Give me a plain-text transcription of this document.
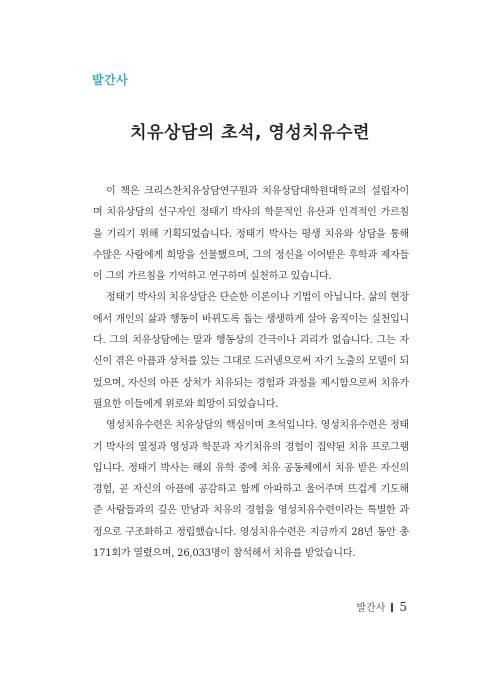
발간사
치유상담의 초석, 영성치유수련

이 책은 크리스찬치유상담연구원과 치유상담대학원대학교의 설립자이며 치유상담의 선구자인 정태기 박사의 학문적인 유산과 인격적인 가르침을 기리기 위해 기획되었습니다. 정태기 박사는 평생 치유와 상담을 통해 수많은 사람에게 희망을 선물했으며, 그의 정신을 이어받은 후학과 제자들이 그의 가르침을 기억하고 연구하며 실천하고 있습니다.

정태기 박사의 치유상담은 단순한 이론이나 기법이 아닙니다. 삶의 현장에서 개인의 삶과 행동이 바뀌도록 돕는 생생하게 살아 움직이는 실천입니다. 그의 치유상담에는 말과 행동상의 간극이나 괴리가 없습니다. 그는 자신이 겪은 아픔과 상처를 있는 그대로 드러냄으로써 자기 노출의 모델이 되었으며, 자신의 아픈 상처가 치유되는 경험과 과정을 제시함으로써 치유가 필요한 이들에게 위로와 희망이 되었습니다.

영성치유수련은 치유상담의 핵심이며 초석입니다. 영성치유수련은 정태기 박사의 열정과 영성과 학문과 자기치유의 경험이 집약된 치유 프로그램입니다. 정태기 박사는 해외 유학 중에 치유 공동체에서 치유 받은 자신의 경험, 곧 자신의 아픔에 공감하고 함께 아파하고 울어주며 뜨겁게 기도해 준 사람들과의 깊은 만남과 치유의 경험을 영성치유수련이라는 특별한 과정으로 구조화하고 정립했습니다. 영성치유수련은 지금까지 28년 동안 총 171회가 열렸으며, 26,033명이 참석해서 치유를 받았습니다.

발간사 5
